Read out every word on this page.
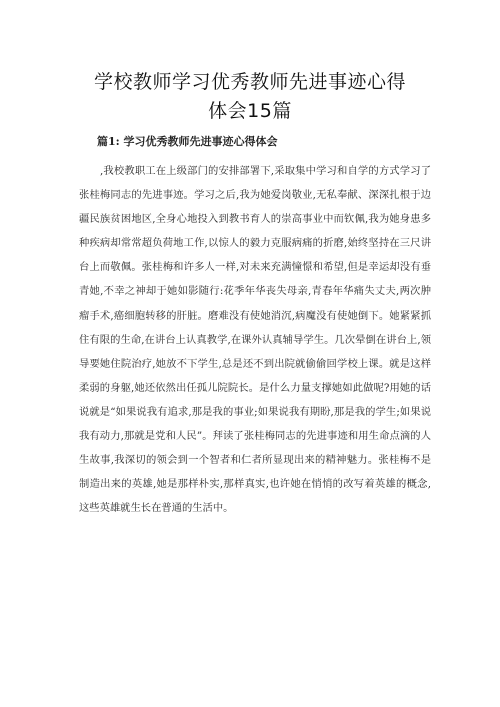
学校教师学习优秀教师先进事迹心得
体会15篇
篇1: 学习优秀教师先进事迹心得体会

,我校教职工在上级部门的安排部署下,采取集中学习和自学的方式学习了张桂梅同志的先进事迹。学习之后,我为她爱岗敬业,无私奉献、深深扎根于边疆民族贫困地区,全身心地投入到教书育人的崇高事业中而钦佩,我为她身患多种疾病却常常超负荷地工作,以惊人的毅力克服病痛的折磨,始终坚持在三尺讲台上而敬佩。张桂梅和许多人一样,对未来充满憧憬和希望,但是幸运却没有垂青她,不幸之神却于她如影随行:花季年华丧失母亲,青春年华痛失丈夫,两次肿瘤手术,癌细胞转移的肝脏。磨难没有使她消沉,病魔没有使她倒下。她紧紧抓住有限的生命,在讲台上认真教学,在课外认真辅导学生。几次晕倒在讲台上,领导要她住院治疗,她放不下学生,总是还不到出院就偷偷回学校上课。就是这样柔弱的身躯,她还依然出任孤儿院院长。是什么力量支撑她如此做呢?用她的话说就是“如果说我有追求,那是我的事业;如果说我有期盼,那是我的学生;如果说我有动力,那就是党和人民”。拜读了张桂梅同志的先进事迹和用生命点滴的人生故事,我深切的领会到一个智者和仁者所显现出来的精神魅力。张桂梅不是制造出来的英雄,她是那样朴实,那样真实,也许她在悄悄的改写着英雄的概念,这些英雄就生长在普通的生活中。
